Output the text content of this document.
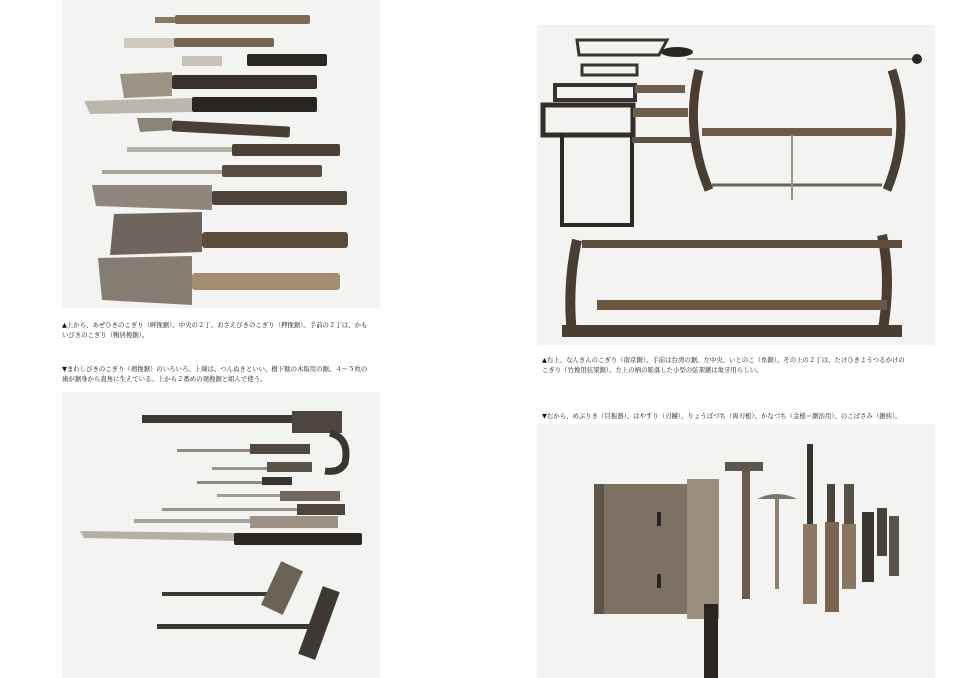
▲上から、あぜひきのこぎり（畔挽鋸）。中央の２丁、おさえびきのこぎり（押挽鋸）。手前の２丁は、かも
いびきのこぎり（鴨居挽鋸）。
▼まわしびきのこぎり（廻挽鋸）のいろいろ。上端は、つんぬきといい、樹下駄の木取用の鋸。４～５枚の
歯が鋸身から直角に生えている。上から２番めの廻挽鋸と組んで使う。
▲右上、なんきんのこぎり（南京鋸）。手前は台湾の鋸。左中央、いとのこ（糸鋸）。その上の２丁は、たけひきようつるかけの
こぎり（竹挽用弦架鋸）。左上の柄の彫落した小型の弦架鋸は象牙用らしい。
▼右から、めぶりき（目振器）、はやすり（刃鑢）、りょうばづち（両刃槌）、かなづち（金槌＝鋸治用）、のこばさみ（鋸挟）。
